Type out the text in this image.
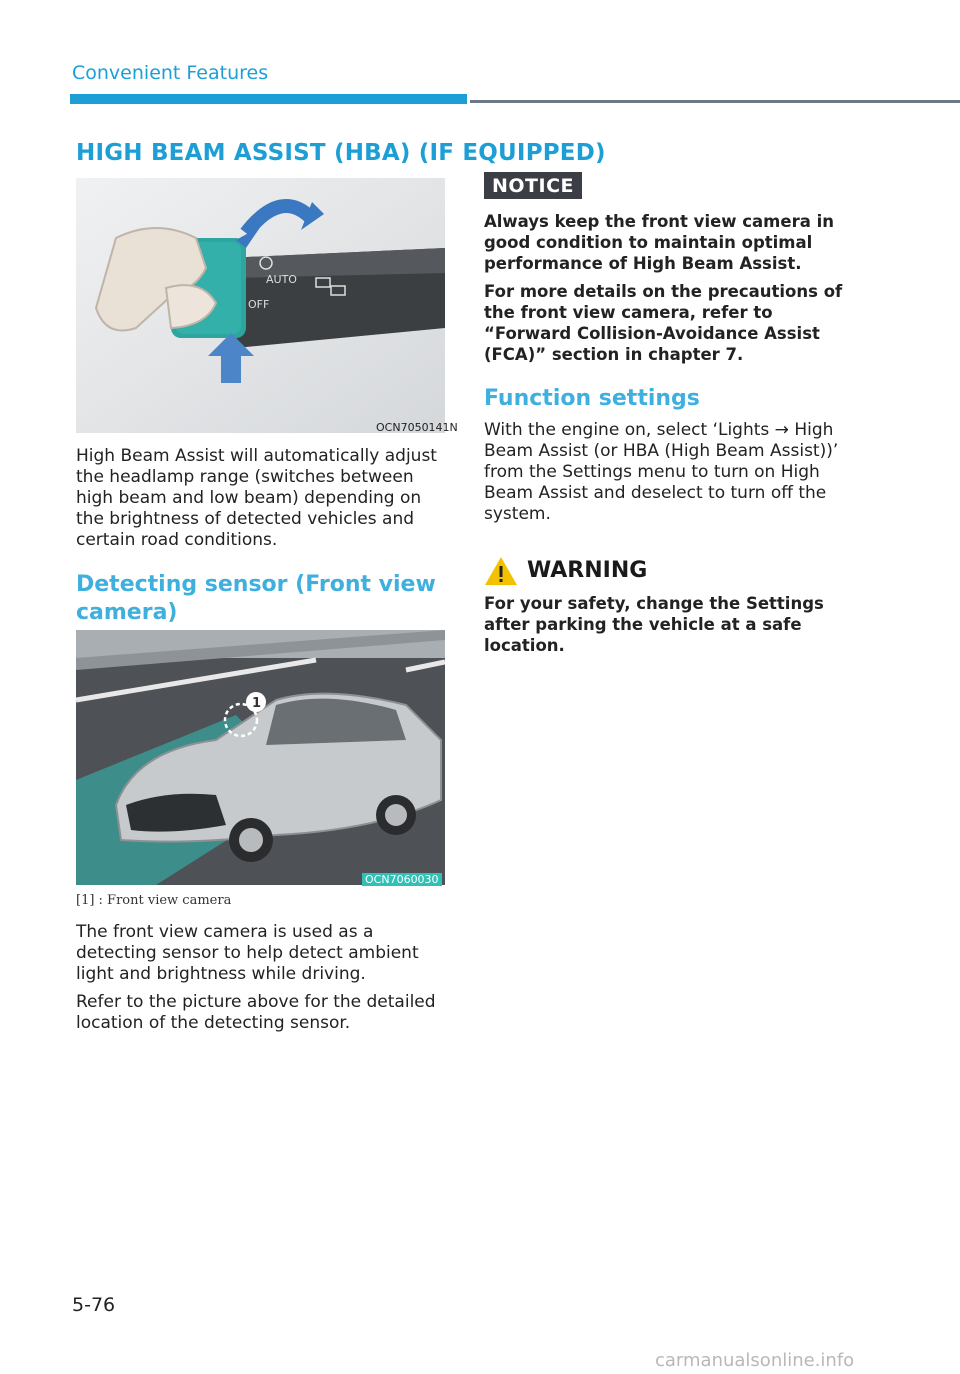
Convenient Features
HIGH BEAM ASSIST (HBA) (IF EQUIPPED)
AUTO
OFF
OCN7050141N

High Beam Assist will automatically adjust the headlamp range (switches between high beam and low beam) depending on the brightness of detected vehicles and certain road conditions.

Detecting sensor (Front view camera)
1
OCN7060030
[1] : Front view camera

The front view camera is used as a detecting sensor to help detect ambient light and brightness while driving.

Refer to the picture above for the detailed location of the detecting sensor.

NOTICE

Always keep the front view camera in good condition to maintain optimal performance of High Beam Assist.

For more details on the precautions of the front view camera, refer to “Forward Collision-Avoidance Assist (FCA)” section in chapter 7.

Function settings

With the engine on, select ‘Lights → High Beam Assist (or HBA (High Beam Assist))’ from the Settings menu to turn on High Beam Assist and deselect to turn off the system.

WARNING

For your safety, change the Settings after parking the vehicle at a safe location.

5-76
carmanualsonline.info
